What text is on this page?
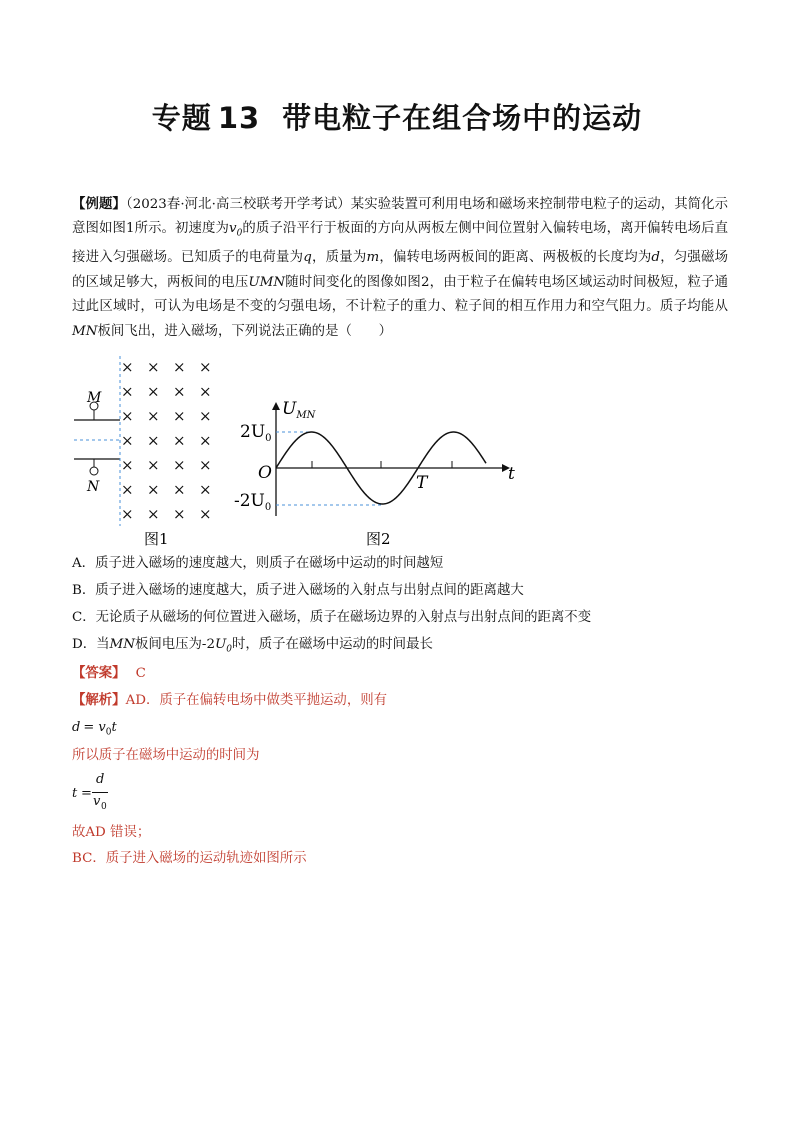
专题 13 带电粒子在组合场中的运动
【例题】（2023春·河北·高三校联考开学考试）某实验装置可利用电场和磁场来控制带电粒子的运动，其简化示意图如图1所示。初速度为$v_0$的质子沿平行于板面的方向从两板左侧中间位置射入偏转电场，离开偏转电场后直接进入匀强磁场。已知质子的电荷量为q，质量为m，偏转电场两板间的距离、两极板的长度均为d，匀强磁场的区域足够大，两板间的电压UMN随时间变化的图像如图2，由于粒子在偏转电场区域运动时间极短，粒子通过此区域时，可认为电场是不变的匀强电场，不计粒子的重力、粒子间的相互作用力和空气阻力。质子均能从MN板间飞出，进入磁场，下列说法正确的是（　　）
× × × ×
× × × ×
× × × ×
× × × ×
× × × ×
× × × ×
× × × ×
M
N
图1
$U_{MN}$
$2U_0$
$-2U_0$
O	T	t
图2
A．质子进入磁场的速度越大，则质子在磁场中运动的时间越短
B．质子进入磁场的速度越大，质子进入磁场的入射点与出射点间的距离越大
C．无论质子从磁场的何位置进入磁场，质子在磁场边界的入射点与出射点间的距离不变
D．当MN板间电压为$-2U_0$时，质子在磁场中运动的时间最长
【答案】 C
【解析】AD．质子在偏转电场中做类平抛运动，则有
$d = v_0t$
所以质子在磁场中运动的时间为
t =
d
v 0
故AD 错误；
BC．质子进入磁场的运动轨迹如图所示
